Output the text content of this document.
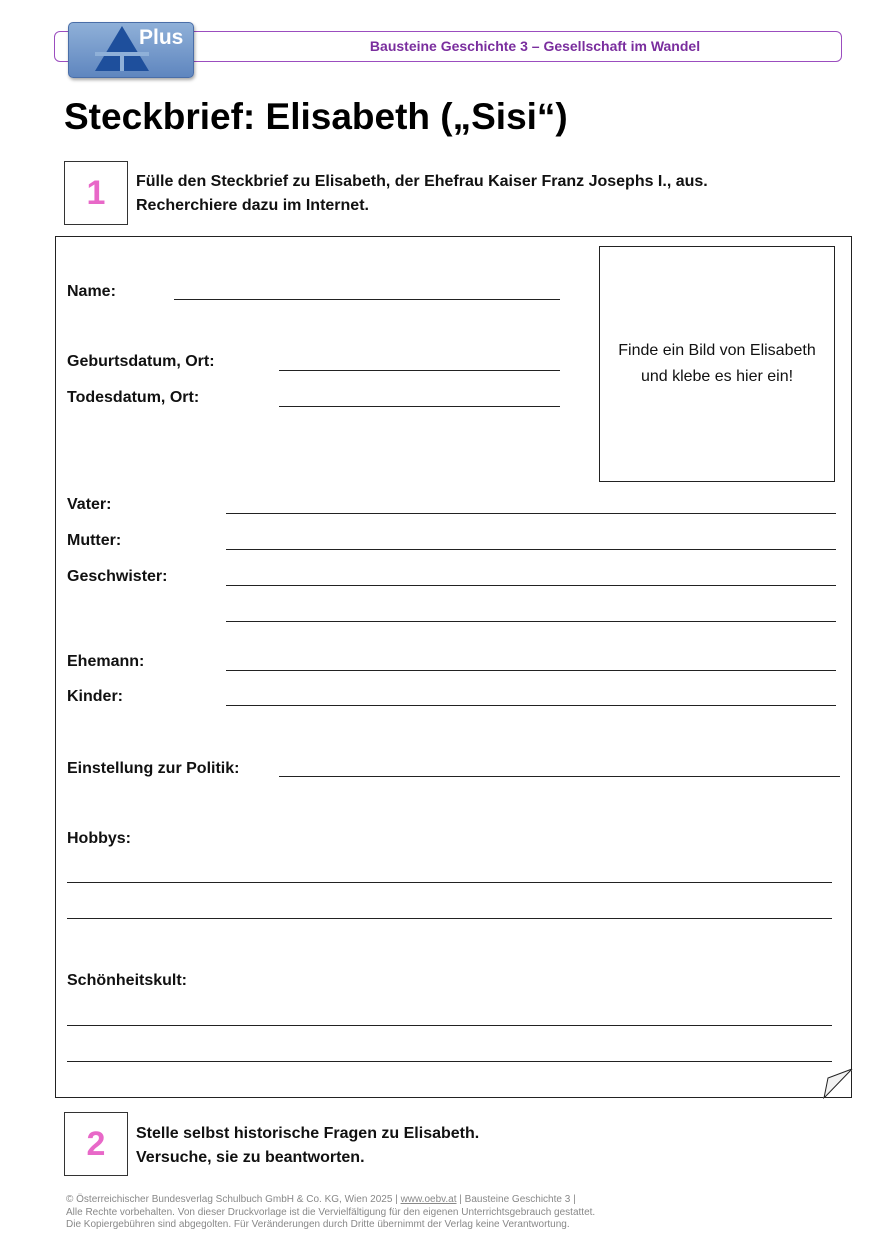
Plus	Bausteine Geschichte 3 – Gesellschaft im Wandel
Steckbrief: Elisabeth („Sisi“)
1	Fülle den Steckbrief zu Elisabeth, der Ehefrau Kaiser Franz Josephs I., aus.
Recherchiere dazu im Internet.
Finde ein Bild von Elisabeth und klebe es hier ein!
Name:
Geburtsdatum, Ort:
Todesdatum, Ort:
Vater:
Mutter:
Geschwister:
Ehemann:
Kinder:
Einstellung zur Politik:
Hobbys:
Schönheitskult:
2	Stelle selbst historische Fragen zu Elisabeth.
Versuche, sie zu beantworten.
© Österreichischer Bundesverlag Schulbuch GmbH & Co. KG, Wien 2025 | www.oebv.at | Bausteine Geschichte 3 |
Alle Rechte vorbehalten. Von dieser Druckvorlage ist die Vervielfältigung für den eigenen Unterrichtsgebrauch gestattet.
Die Kopiergebühren sind abgegolten. Für Veränderungen durch Dritte übernimmt der Verlag keine Verantwortung.
